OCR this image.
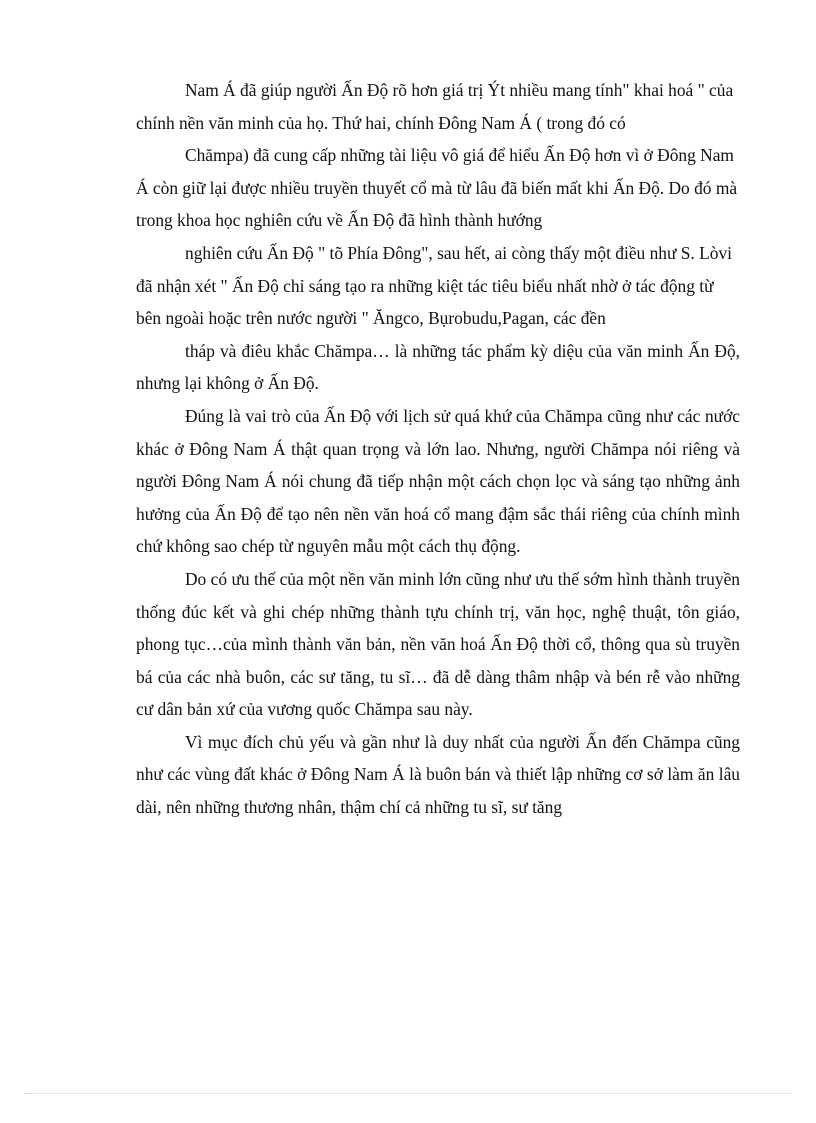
Nam Á đã giúp người Ấn Độ rõ hơn giá trị Ýt nhiều mang tính" khai hoá " của chính nền văn minh của họ. Thứ hai, chính Đông Nam Á ( trong đó có

Chămpa) đã cung cấp những tài liệu vô giá để hiểu Ấn Độ hơn vì ở Đông Nam Á còn giữ lại được nhiều truyền thuyết cổ mà từ lâu đã biến mất khi Ấn Độ. Do đó mà trong khoa học nghiên cứu về Ấn Độ đã hình thành hướng

nghiên cứu Ấn Độ " tõ Phía Đông", sau hết, ai còng thấy một điều như S. Lòvi đã nhận xét " Ấn Độ chỉ sáng tạo ra những kiệt tác tiêu biểu nhất nhờ ở tác động từ bên ngoài hoặc trên nước người " Ăngco, Bụrobudu,Pagan, các đền

tháp và điêu khắc Chămpa… là những tác phẩm kỳ diệu của văn minh Ấn Độ, nhưng lại không ở Ấn Độ.

Đúng là vai trò của Ấn Độ với lịch sử quá khứ của Chămpa cũng như các nước khác ở Đông Nam Á thật quan trọng và lớn lao. Nhưng, người Chămpa nói riêng và người Đông Nam Á nói chung đã tiếp nhận một cách chọn lọc và sáng tạo những ảnh hưởng của Ấn Độ để tạo nên nền văn hoá cổ mang đậm sắc thái riêng của chính mình chứ không sao chép từ nguyên mẫu một cách thụ động.

Do có ưu thế của một nền văn minh lớn cũng như ưu thế sớm hình thành truyền thống đúc kết và ghi chép những thành tựu chính trị, văn học, nghệ thuật, tôn giáo, phong tục…của mình thành văn bản, nền văn hoá Ấn Độ thời cổ, thông qua sù truyền bá của các nhà buôn, các sư tăng, tu sĩ… đã dễ dàng thâm nhập và bén rễ vào những cư dân bản xứ của vương quốc Chămpa sau này.

Vì mục đích chủ yếu và gần như là duy nhất của người Ấn đến Chămpa cũng như các vùng đất khác ở Đông Nam Á là buôn bán và thiết lập những cơ sở làm ăn lâu dài, nên những thương nhân, thậm chí cả những tu sĩ, sư tăng
